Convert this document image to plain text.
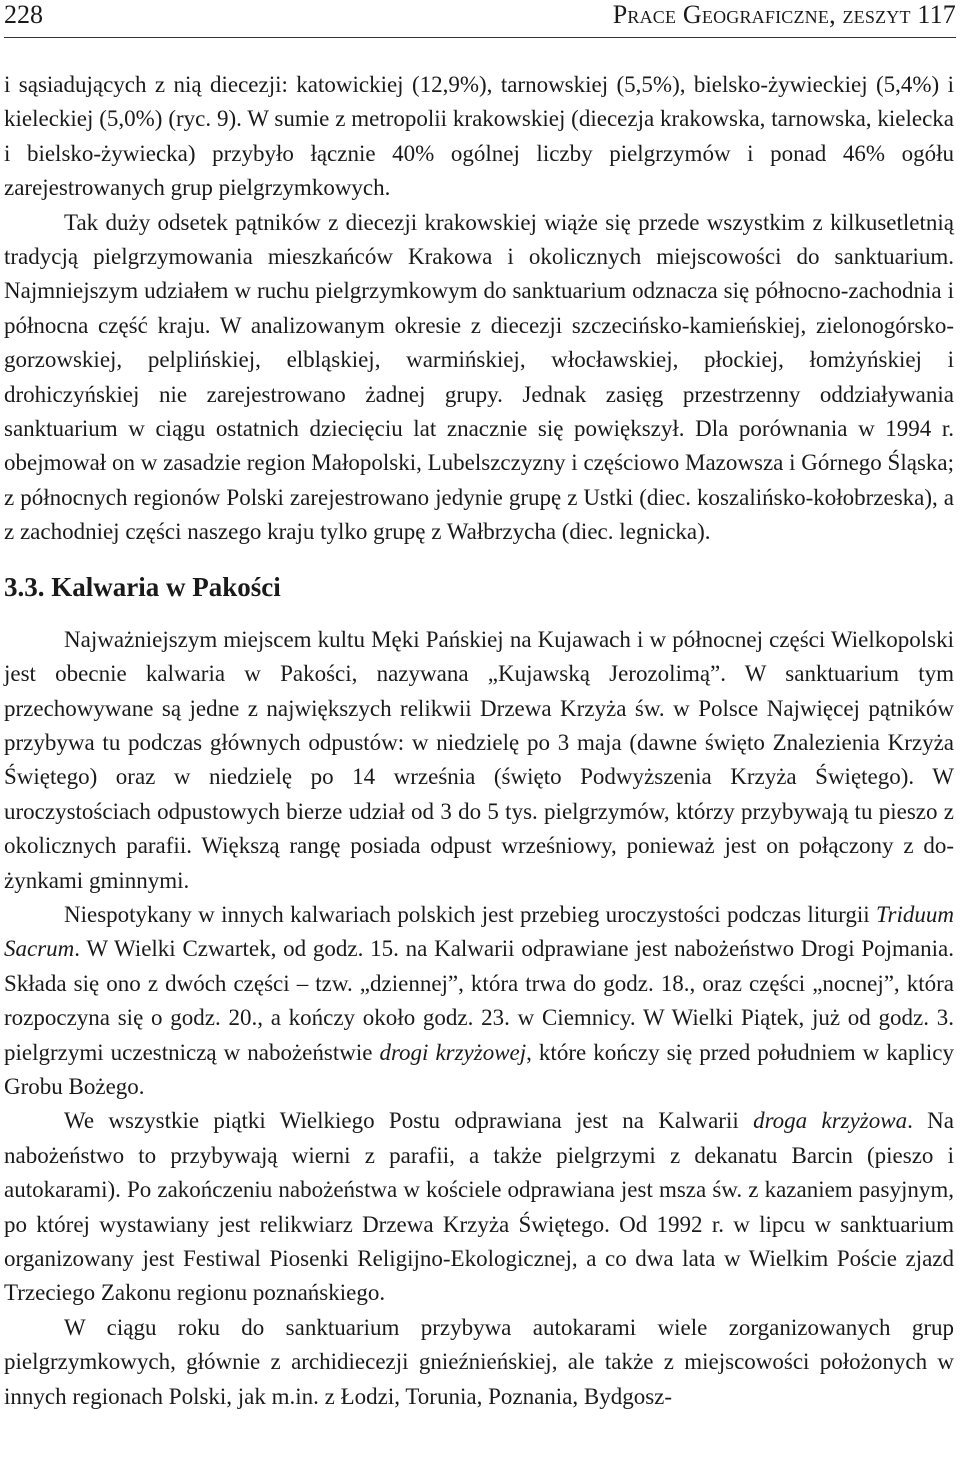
228	Prace Geograficzne, zeszyt 117

i sąsiadujących z nią diecezji: katowickiej (12,9%), tarnowskiej (5,5%), bielsko-żywieckiej (5,4%) i kieleckiej (5,0%) (ryc. 9). W sumie z metropolii krakowskiej (diecezja krakowska, tarnowska, kielecka i bielsko-żywiecka) przybyło łącznie 40% ogólnej liczby pielgrzymów i ponad 46% ogółu zarejestrowanych grup pielgrzymkowych.

Tak duży odsetek pątników z diecezji krakowskiej wiąże się przede wszystkim z kilkusetletnią tradycją pielgrzymowania mieszkańców Krakowa i okolicznych miejscowości do sanktuarium. Najmniejszym udziałem w ruchu pielgrzymkowym do sanktuarium odznacza się północno-zachodnia i północna część kraju. W analizowanym okresie z diecezji szczecińsko-kamieńskiej, zielonogórsko-gorzowskiej, pelplińskiej, elbląskiej, warmińskiej, włocławskiej, płockiej, łomżyńskiej i drohiczyńskiej nie zarejestrowano żadnej grupy. Jednak zasięg przestrzenny oddziaływania sanktuarium w ciągu ostatnich dziecięciu lat znacznie się powiększył. Dla porównania w 1994 r. obejmował on w zasadzie region Małopolski, Lubelszczyzny i częściowo Mazowsza i Górnego Śląska; z północnych regionów Polski zarejestrowano jedynie grupę z Ustki (diec. koszalińsko-kołobrzeska), a z zachodniej części naszego kraju tylko grupę z Wałbrzycha (diec. legnicka).

3.3. Kalwaria w Pakości

Najważniejszym miejscem kultu Męki Pańskiej na Kujawach i w północnej części Wielkopolski jest obecnie kalwaria w Pakości, nazywana „Kujawską Jerozolimą”. W sanktuarium tym przechowywane są jedne z największych relikwii Drzewa Krzyża św. w Polsce Najwięcej pątników przybywa tu podczas głównych odpustów: w niedzielę po 3 maja (dawne święto Znalezienia Krzyża Świętego) oraz w niedzielę po 14 września (święto Podwyższenia Krzyża Świętego). W uroczystościach odpustowych bierze udział od 3 do 5 tys. pielgrzymów, którzy przybywają tu pieszo z okolicznych parafii. Większą rangę posiada odpust wrześniowy, ponieważ jest on połączony z dożynkami gminnymi.

Niespotykany w innych kalwariach polskich jest przebieg uroczystości podczas liturgii Triduum Sacrum. W Wielki Czwartek, od godz. 15. na Kalwarii odprawiane jest nabożeństwo Drogi Pojmania. Składa się ono z dwóch części – tzw. „dziennej”, która trwa do godz. 18., oraz części „nocnej”, która rozpoczyna się o godz. 20., a kończy około godz. 23. w Ciemnicy. W Wielki Piątek, już od godz. 3. pielgrzymi uczestniczą w nabożeństwie drogi krzyżowej, które kończy się przed południem w kaplicy Grobu Bożego.

We wszystkie piątki Wielkiego Postu odprawiana jest na Kalwarii droga krzyżowa. Na nabożeństwo to przybywają wierni z parafii, a także pielgrzymi z dekanatu Barcin (pieszo i autokarami). Po zakończeniu nabożeństwa w kościele odprawiana jest msza św. z kazaniem pasyjnym, po której wystawiany jest relikwiarz Drzewa Krzyża Świętego. Od 1992 r. w lipcu w sanktuarium organizowany jest Festiwal Piosenki Religijno-Ekologicznej, a co dwa lata w Wielkim Poście zjazd Trzeciego Zakonu regionu poznańskiego.

W ciągu roku do sanktuarium przybywa autokarami wiele zorganizowanych grup pielgrzymkowych, głównie z archidiecezji gnieźnieńskiej, ale także z miejscowości położonych w innych regionach Polski, jak m.in. z Łodzi, Torunia, Poznania, Bydgosz-
